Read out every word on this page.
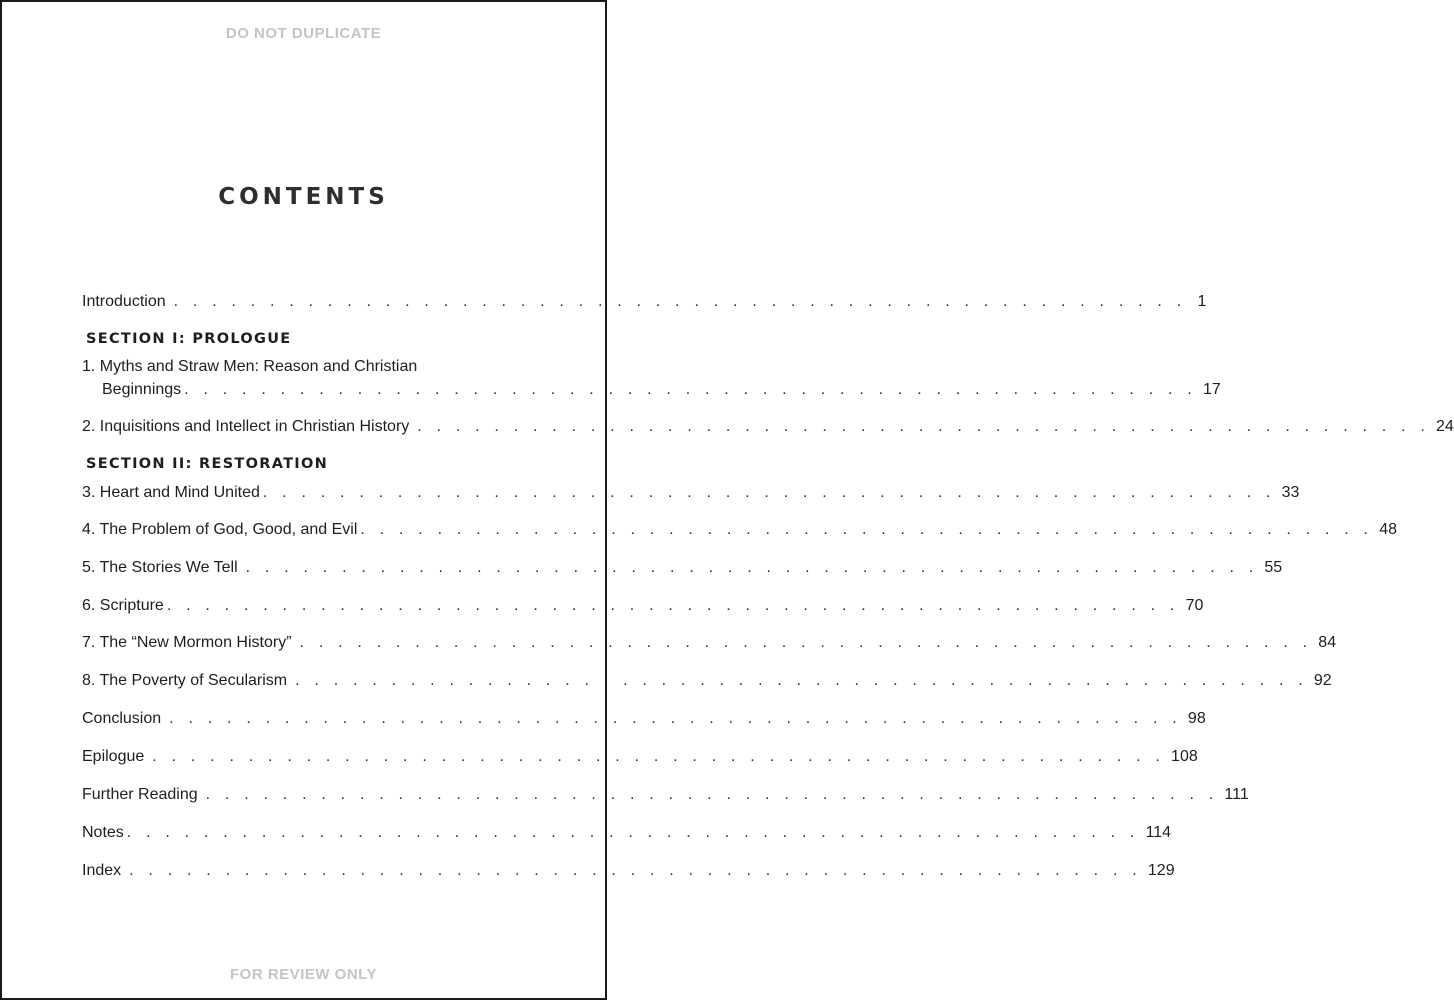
DO NOT DUPLICATE
CONTENTS
Introduction . . . . . . . . . . . . . . . . . . . . . . . . . . . . . . . . . . . . . . . . . . . . . . . . . . . . . 1
SECTION I: PROLOGUE
1. Myths and Straw Men: Reason and Christian
Beginnings . . . . . . . . . . . . . . . . . . . . . . . . . . . . . . . . . . . . . . . . . . . . . . . . . . . . . 17
2. Inquisitions and Intellect in Christian History . . . . . . . . . . . . . . . . . . . . . . . . . . . . . . . . . . . . . . . . . . . . . . . . . . . . . 24
SECTION II: RESTORATION
3. Heart and Mind United . . . . . . . . . . . . . . . . . . . . . . . . . . . . . . . . . . . . . . . . . . . . . . . . . . . . . 33
4. The Problem of God, Good, and Evil . . . . . . . . . . . . . . . . . . . . . . . . . . . . . . . . . . . . . . . . . . . . . . . . . . . . . 48
5. The Stories We Tell . . . . . . . . . . . . . . . . . . . . . . . . . . . . . . . . . . . . . . . . . . . . . . . . . . . . . 55
6. Scripture . . . . . . . . . . . . . . . . . . . . . . . . . . . . . . . . . . . . . . . . . . . . . . . . . . . . . 70
7. The “New Mormon History” . . . . . . . . . . . . . . . . . . . . . . . . . . . . . . . . . . . . . . . . . . . . . . . . . . . . . 84
8. The Poverty of Secularism . . . . . . . . . . . . . . . . . . . . . . . . . . . . . . . . . . . . . . . . . . . . . . . . . . . . . 92
Conclusion . . . . . . . . . . . . . . . . . . . . . . . . . . . . . . . . . . . . . . . . . . . . . . . . . . . . . 98
Epilogue . . . . . . . . . . . . . . . . . . . . . . . . . . . . . . . . . . . . . . . . . . . . . . . . . . . . . 108
Further Reading . . . . . . . . . . . . . . . . . . . . . . . . . . . . . . . . . . . . . . . . . . . . . . . . . . . . . 111
Notes . . . . . . . . . . . . . . . . . . . . . . . . . . . . . . . . . . . . . . . . . . . . . . . . . . . . . 114
Index . . . . . . . . . . . . . . . . . . . . . . . . . . . . . . . . . . . . . . . . . . . . . . . . . . . . . 129
FOR REVIEW ONLY
